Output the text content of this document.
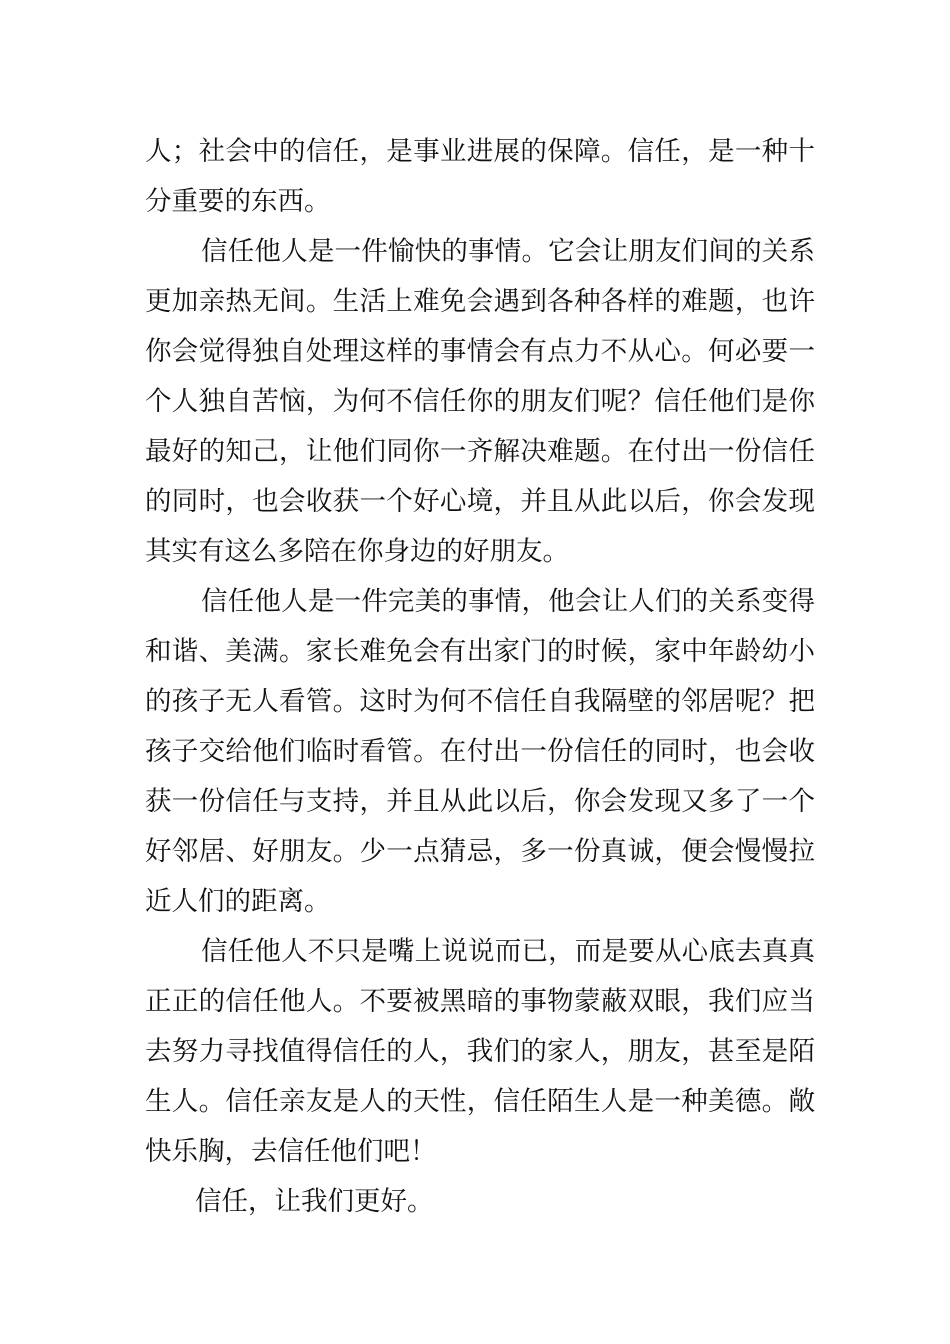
人；社会中的信任，是事业进展的保障。信任，是一种十
分重要的东西。

信任他人是一件愉快的事情。它会让朋友们间的关系
更加亲热无间。生活上难免会遇到各种各样的难题，也许
你会觉得独自处理这样的事情会有点力不从心。何必要一
个人独自苦恼，为何不信任你的朋友们呢？信任他们是你
最好的知己，让他们同你一齐解决难题。在付出一份信任
的同时，也会收获一个好心境，并且从此以后，你会发现
其实有这么多陪在你身边的好朋友。

信任他人是一件完美的事情，他会让人们的关系变得
和谐、美满。家长难免会有出家门的时候，家中年龄幼小
的孩子无人看管。这时为何不信任自我隔壁的邻居呢？把
孩子交给他们临时看管。在付出一份信任的同时，也会收
获一份信任与支持，并且从此以后，你会发现又多了一个
好邻居、好朋友。少一点猜忌，多一份真诚，便会慢慢拉
近人们的距离。

信任他人不只是嘴上说说而已，而是要从心底去真真
正正的信任他人。不要被黑暗的事物蒙蔽双眼，我们应当
去努力寻找值得信任的人，我们的家人，朋友，甚至是陌
生人。信任亲友是人的天性，信任陌生人是一种美德。敞
快乐胸，去信任他们吧！

信任，让我们更好。
